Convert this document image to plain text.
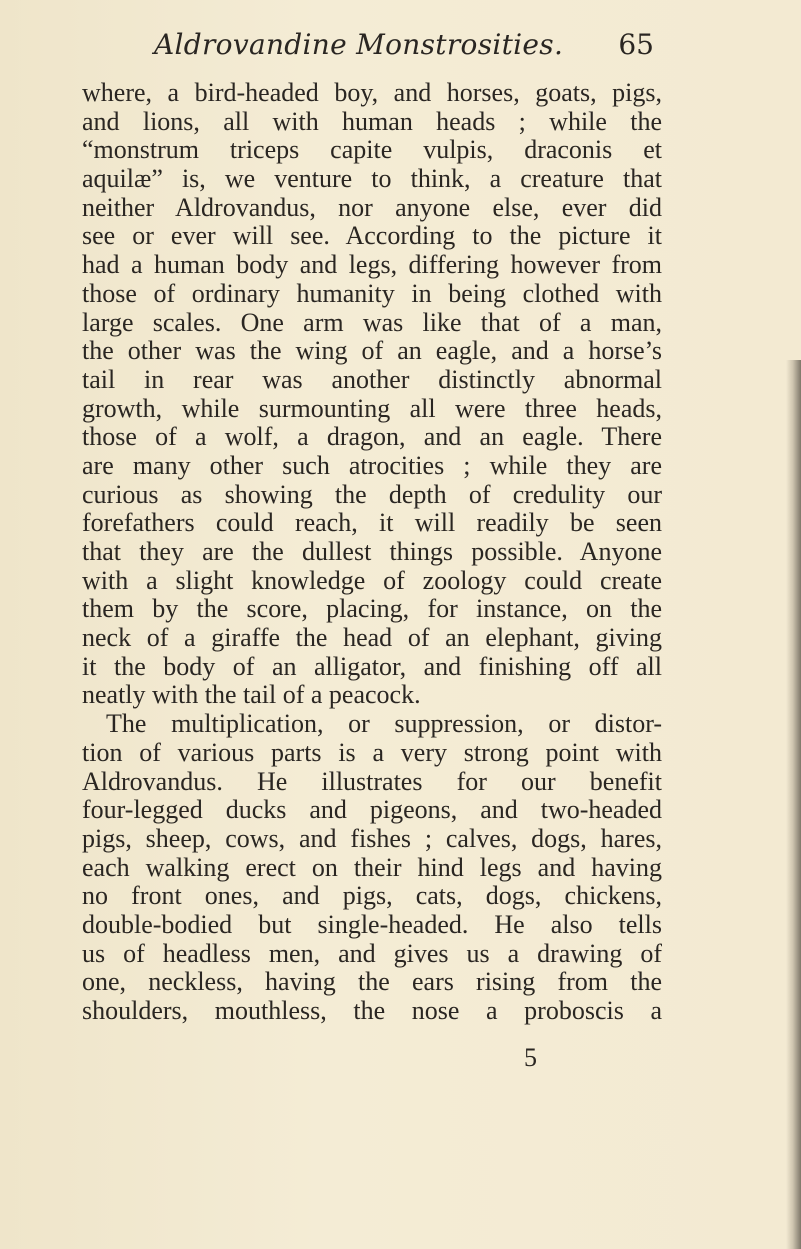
Aldrovandine Monstrosities. 65
where, a bird-headed boy, and horses, goats, pigs,
and lions, all with human heads ; while the
“monstrum triceps capite vulpis, draconis et
aquilæ” is, we venture to think, a creature that
neither Aldrovandus, nor anyone else, ever did
see or ever will see. According to the picture it
had a human body and legs, differing however from
those of ordinary humanity in being clothed with
large scales. One arm was like that of a man,
the other was the wing of an eagle, and a horse’s
tail in rear was another distinctly abnormal
growth, while surmounting all were three heads,
those of a wolf, a dragon, and an eagle. There
are many other such atrocities ; while they are
curious as showing the depth of credulity our
forefathers could reach, it will readily be seen
that they are the dullest things possible. Anyone
with a slight knowledge of zoology could create
them by the score, placing, for instance, on the
neck of a giraffe the head of an elephant, giving
it the body of an alligator, and finishing off all
neatly with the tail of a peacock.
The multiplication, or suppression, or distor-
tion of various parts is a very strong point with
Aldrovandus. He illustrates for our benefit
four-legged ducks and pigeons, and two-headed
pigs, sheep, cows, and fishes ; calves, dogs, hares,
each walking erect on their hind legs and having
no front ones, and pigs, cats, dogs, chickens,
double-bodied but single-headed. He also tells
us of headless men, and gives us a drawing of
one, neckless, having the ears rising from the
shoulders, mouthless, the nose a proboscis a
5
